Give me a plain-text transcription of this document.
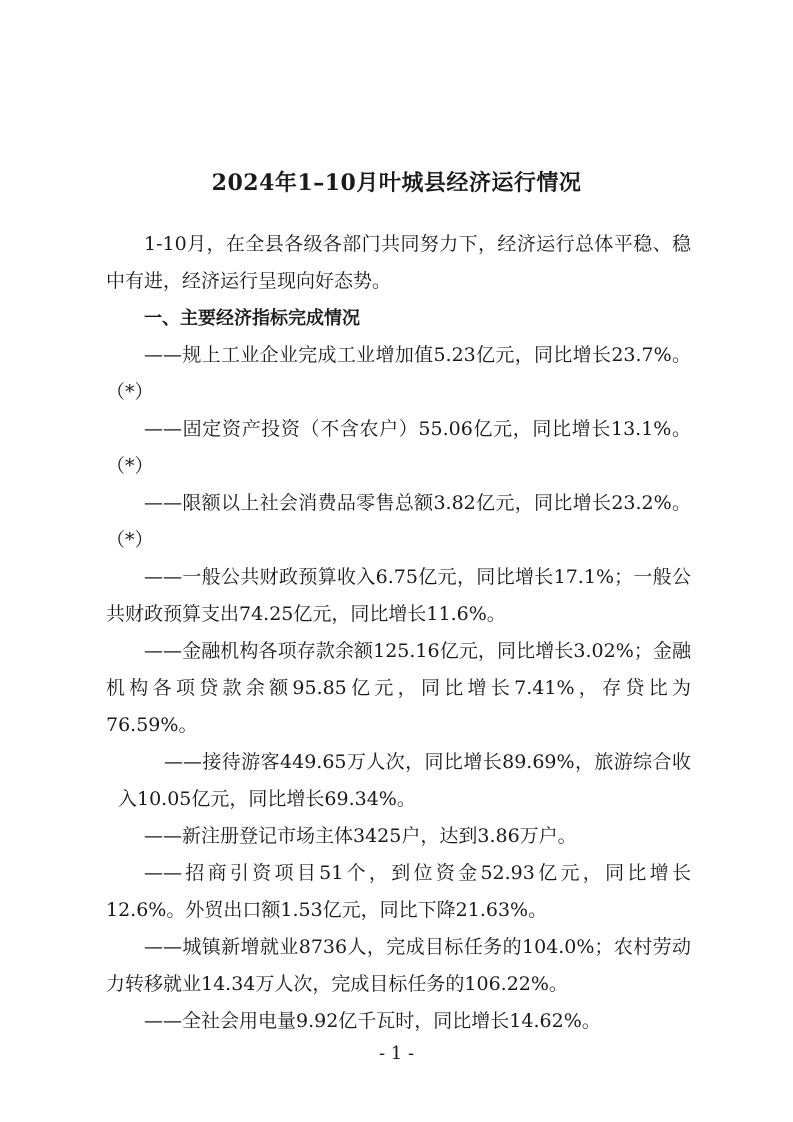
2024年1–10月叶城县经济运行情况

1-10月，在全县各级各部门共同努力下，经济运行总体平稳、稳中有进，经济运行呈现向好态势。

一、主要经济指标完成情况

——规上工业企业完成工业增加值5.23亿元，同比增长23.7%。（*）

——固定资产投资（不含农户）55.06亿元，同比增长13.1%。（*）

——限额以上社会消费品零售总额3.82亿元，同比增长23.2%。（*）

——一般公共财政预算收入6.75亿元，同比增长17.1%；一般公共财政预算支出74.25亿元，同比增长11.6%。

——金融机构各项存款余额125.16亿元，同比增长3.02%；金融机构各项贷款余额95.85亿元，同比增长7.41%，存贷比为76.59%。

——接待游客449.65万人次，同比增长89.69%，旅游综合收入10.05亿元，同比增长69.34%。

——新注册登记市场主体3425户，达到3.86万户。

——招商引资项目51个，到位资金52.93亿元，同比增长12.6%。外贸出口额1.53亿元，同比下降21.63%。

——城镇新增就业8736人，完成目标任务的104.0%；农村劳动力转移就业14.34万人次，完成目标任务的106.22%。

——全社会用电量9.92亿千瓦时，同比增长14.62%。

- 1 -
